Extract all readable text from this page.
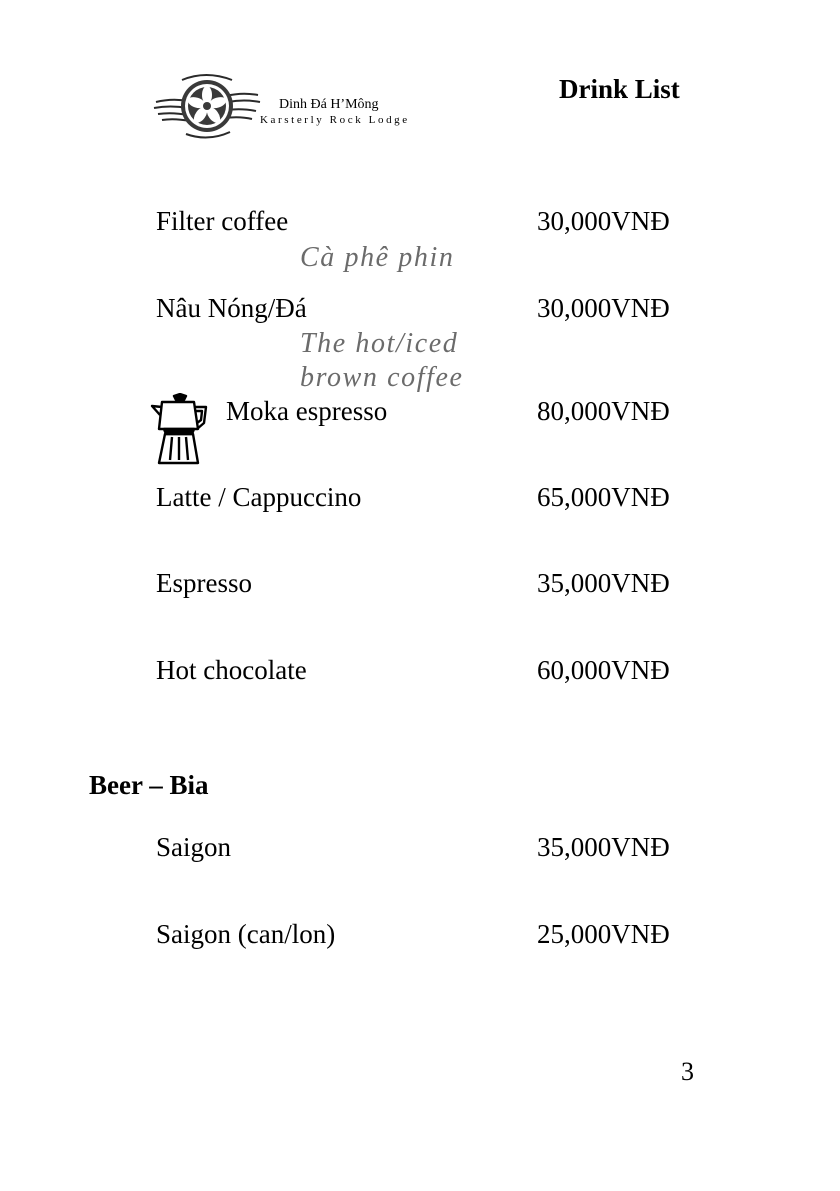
Dinh Đá H’Mông
Karsterly Rock Lodge
Drink List
Filter coffee	30,000VNĐ
Cà phê phin
Nâu Nóng/Đá	30,000VNĐ
The hot/iced
brown coffee
Moka espresso	80,000VNĐ
Latte / Cappuccino	65,000VNĐ
Espresso	35,000VNĐ
Hot chocolate	60,000VNĐ
Beer – Bia
Saigon	35,000VNĐ
Saigon (can/lon)	25,000VNĐ
3
